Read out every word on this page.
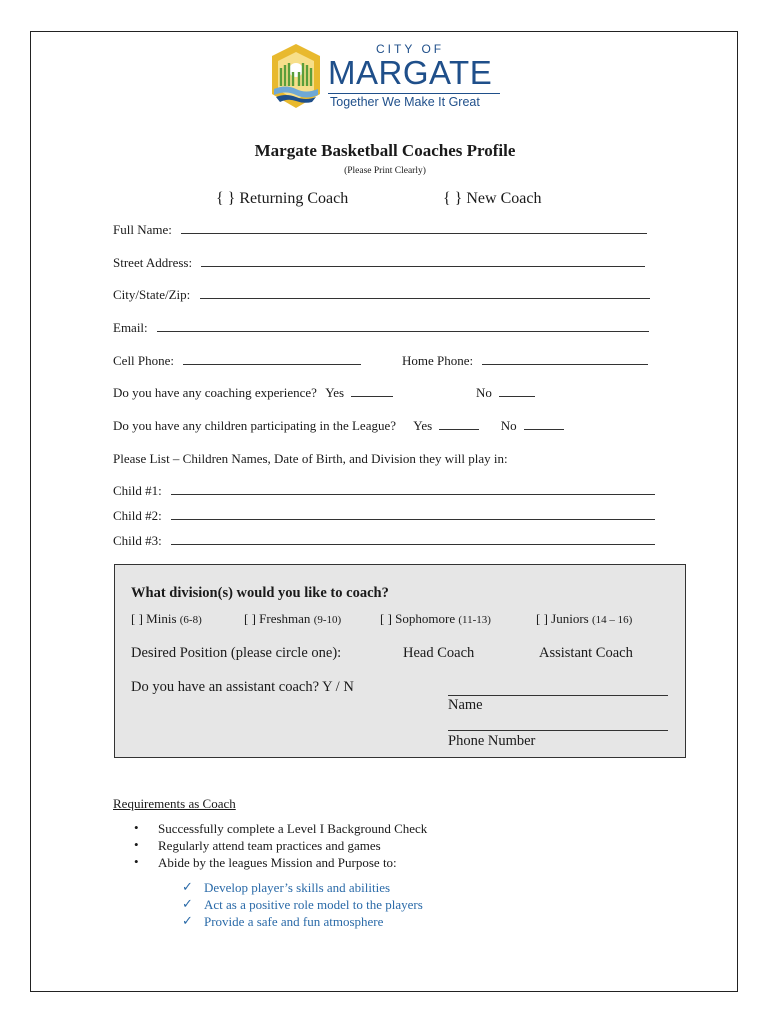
CITY OF
MARGATE
Together We Make It Great
Margate Basketball Coaches Profile
(Please Print Clearly)
{ } Returning Coach	{ } New Coach
Full Name:
Street Address:
City/State/Zip:
Email:
Cell Phone:	Home Phone:
Do you have any coaching experience? Yes	No
Do you have any children participating in the League? Yes	No
Please List – Children Names, Date of Birth, and Division they will play in:
Child #1:
Child #2:
Child #3:
What division(s) would you like to coach?
[ ] Minis (6-8)	[ ] Freshman (9-10)	[ ] Sophomore (11-13)	[ ] Juniors (14 – 16)
Desired Position (please circle one):	Head Coach	Assistant Coach
Do you have an assistant coach? Y / N
Name
Phone Number
Requirements as Coach
• Successfully complete a Level I Background Check
• Regularly attend team practices and games
• Abide by the leagues Mission and Purpose to:
✓ Develop player’s skills and abilities
✓ Act as a positive role model to the players
✓ Provide a safe and fun atmosphere
